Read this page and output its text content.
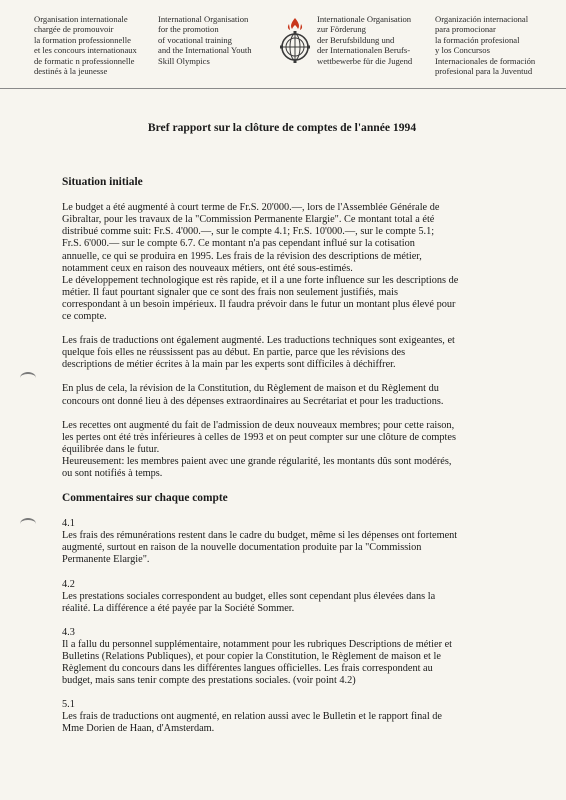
Organisation internationale
chargée de promouvoir
la formation professionnelle
et les concours internationaux
de formatic n professionnelle
destinés à la jeunesse
International Organisation
for the promotion
of vocational training
and the International Youth
Skill Olympics
Internationale Organisation
zur Förderung
der Berufsbildung und
der Internationalen Berufs-
wettbewerbe für die Jugend
Organización internacional
para promocionar
la formación profesional
y los Concursos
Internacionales de formación
profesional para la Juventud
Bref rapport sur la clôture de comptes de l'année 1994
Situation initiale
Le budget a été augmenté à court terme de Fr.S. 20'000.—, lors de l'Assemblée Générale de
Gibraltar, pour les travaux de la "Commission Permanente Elargie". Ce montant total a été
distribué comme suit: Fr.S. 4'000.—, sur le compte 4.1; Fr.S. 10'000.—, sur le compte 5.1;
Fr.S. 6'000.— sur le compte 6.7. Ce montant n'a pas cependant influé sur la cotisation
annuelle, ce qui se produira en 1995. Les frais de la révision des descriptions de métier,
notamment ceux en raison des nouveaux métiers, ont été sous-estimés.
Le développement technologique est rès rapide, et il a une forte influence sur les descriptions de
métier. Il faut pourtant signaler que ce sont des frais non seulement justifiés, mais
correspondant à un besoin impérieux. Il faudra prévoir dans le futur un montant plus élevé pour
ce compte.
Les frais de traductions ont également augmenté. Les traductions techniques sont exigeantes, et
quelque fois elles ne réussissent pas au début. En partie, parce que les révisions des
descriptions de métier écrites à la main par les experts sont difficiles à déchiffrer.
En plus de cela, la révision de la Constitution, du Règlement de maison et du Règlement du
concours ont donné lieu à des dépenses extraordinaires au Secrétariat et pour les traductions.
Les recettes ont augmenté du fait de l'admission de deux nouveaux membres; pour cette raison,
les pertes ont été très inférieures à celles de 1993 et on peut compter sur une clôture de comptes
équilibrée dans le futur.
Heureusement: les membres paient avec une grande régularité, les montants dûs sont modérés,
ou sont notifiés à temps.
Commentaires sur chaque compte
4.1
Les frais des rémunérations restent dans le cadre du budget, même si les dépenses ont fortement
augmenté, surtout en raison de la nouvelle documentation produite par la "Commission
Permanente Elargie".
4.2
Les prestations sociales correspondent au budget, elles sont cependant plus élevées dans la
réalité. La différence a été payée par la Société Sommer.
4.3
Il a fallu du personnel supplémentaire, notamment pour les rubriques Descriptions de métier et
Bulletins (Relations Publiques), et pour copier la Constitution, le Règlement de maison et le
Règlement du concours dans les différentes langues officielles. Les frais correspondent au
budget, mais sans tenir compte des prestations sociales. (voir point 4.2)
5.1
Les frais de traductions ont augmenté, en relation aussi avec le Bulletin et le rapport final de
Mme Dorien de Haan, d'Amsterdam.
